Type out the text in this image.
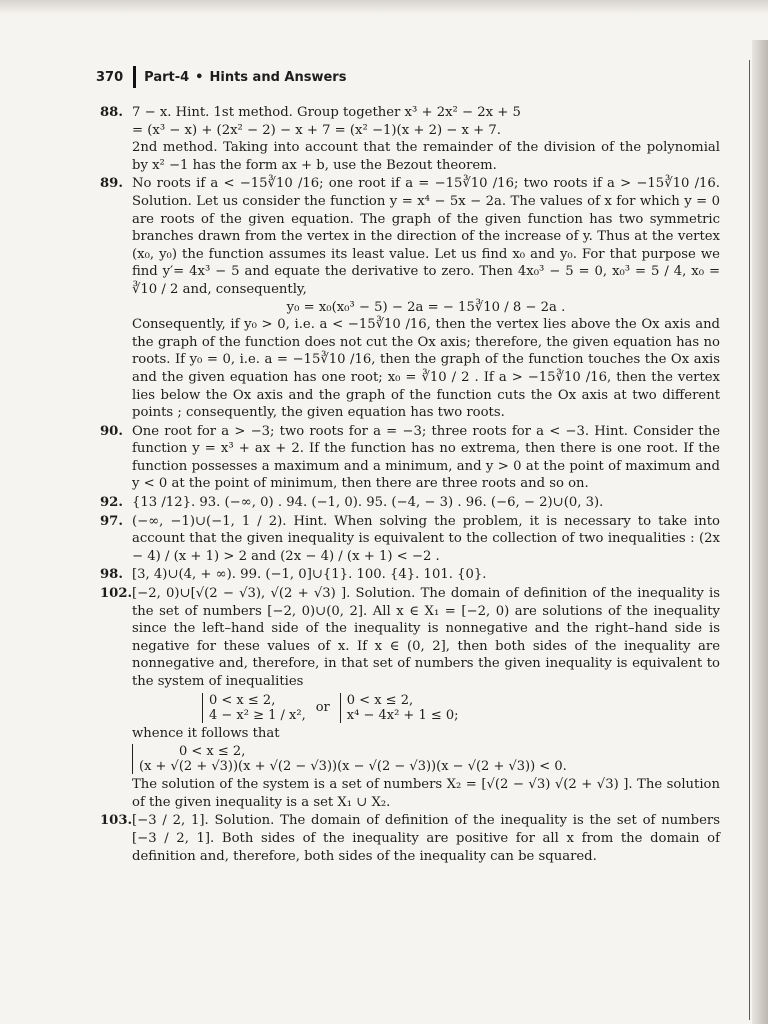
370 Part-4 • Hints and Answers
88. 7 − x. Hint. 1st method. Group together x³ + 2x² − 2x + 5

= (x³ − x) + (2x² − 2) − x + 7 = (x² −1)(x + 2) − x + 7.

2nd method. Taking into account that the remainder of the division of the polynomial by x² −1 has the form ax + b, use the Bezout theorem.

89. No roots if a < −15∛10 /16; one root if a = −15∛10 /16; two roots if a > −15∛10 /16. Solution. Let us consider the function y = x⁴ − 5x − 2a. The values of x for which y = 0 are roots of the given equation. The graph of the given function has two symmetric branches drawn from the vertex in the direction of the increase of y. Thus at the vertex (x₀, y₀) the function assumes its least value. Let us find x₀ and y₀. For that purpose we find y′= 4x³ − 5 and equate the derivative to zero. Then 4x₀³ − 5 = 0, x₀³ = 5 / 4, x₀ = ∛10 / 2 and, consequently,

y₀ = x₀(x₀³ − 5) − 2a = − 15∛10 / 8 − 2a .

Consequently, if y₀ > 0, i.e. a < −15∛10 /16, then the vertex lies above the Ox axis and the graph of the function does not cut the Ox axis; therefore, the given equation has no roots. If y₀ = 0, i.e. a = −15∛10 /16, then the graph of the function touches the Ox axis and the given equation has one root; x₀ = ∛10 / 2 . If a > −15∛10 /16, then the vertex lies below the Ox axis and the graph of the function cuts the Ox axis at two different points ; consequently, the given equation has two roots.

90. One root for a > −3; two roots for a = −3; three roots for a < −3. Hint. Consider the function y = x³ + ax + 2. If the function has no extrema, then there is one root. If the function possesses a maximum and a minimum, and y > 0 at the point of maximum and y < 0 at the point of minimum, then there are three roots and so on.

92. {13 /12}. 93. (−∞, 0) . 94. (−1, 0). 95. (−4, − 3) . 96. (−6, − 2)∪(0, 3).

97. (−∞, −1)∪(−1, 1 / 2). Hint. When solving the problem, it is necessary to take into account that the given inequality is equivalent to the collection of two inequalities : (2x − 4) / (x + 1) > 2 and (2x − 4) / (x + 1) < −2 .

98. [3, 4)∪(4, + ∞). 99. (−1, 0]∪{1}. 100. {4}. 101. {0}.

102. [−2, 0)∪[√(2 − √3), √(2 + √3) ]. Solution. The domain of definition of the inequality is the set of numbers [−2, 0)∪(0, 2]. All x ∈ X₁ = [−2, 0) are solutions of the inequality since the left–hand side of the inequality is nonnegative and the right–hand side is negative for these values of x. If x ∈ (0, 2], then both sides of the inequality are nonnegative and, therefore, in that set of numbers the given inequality is equivalent to the system of inequalities

0 < x ≤ 2,
4 − x² ≥ 1 / x², or 0 < x ≤ 2,
x⁴ − 4x² + 1 ≤ 0;

whence it follows that

0 < x ≤ 2,
(x + √(2 + √3))(x + √(2 − √3))(x − √(2 − √3))(x − √(2 + √3)) < 0.

The solution of the system is a set of numbers X₂ = [√(2 − √3) √(2 + √3) ]. The solution of the given inequality is a set X₁ ∪ X₂.

103. [−3 / 2, 1]. Solution. The domain of definition of the inequality is the set of numbers [−3 / 2, 1]. Both sides of the inequality are positive for all x from the domain of definition and, therefore, both sides of the inequality can be squared.
